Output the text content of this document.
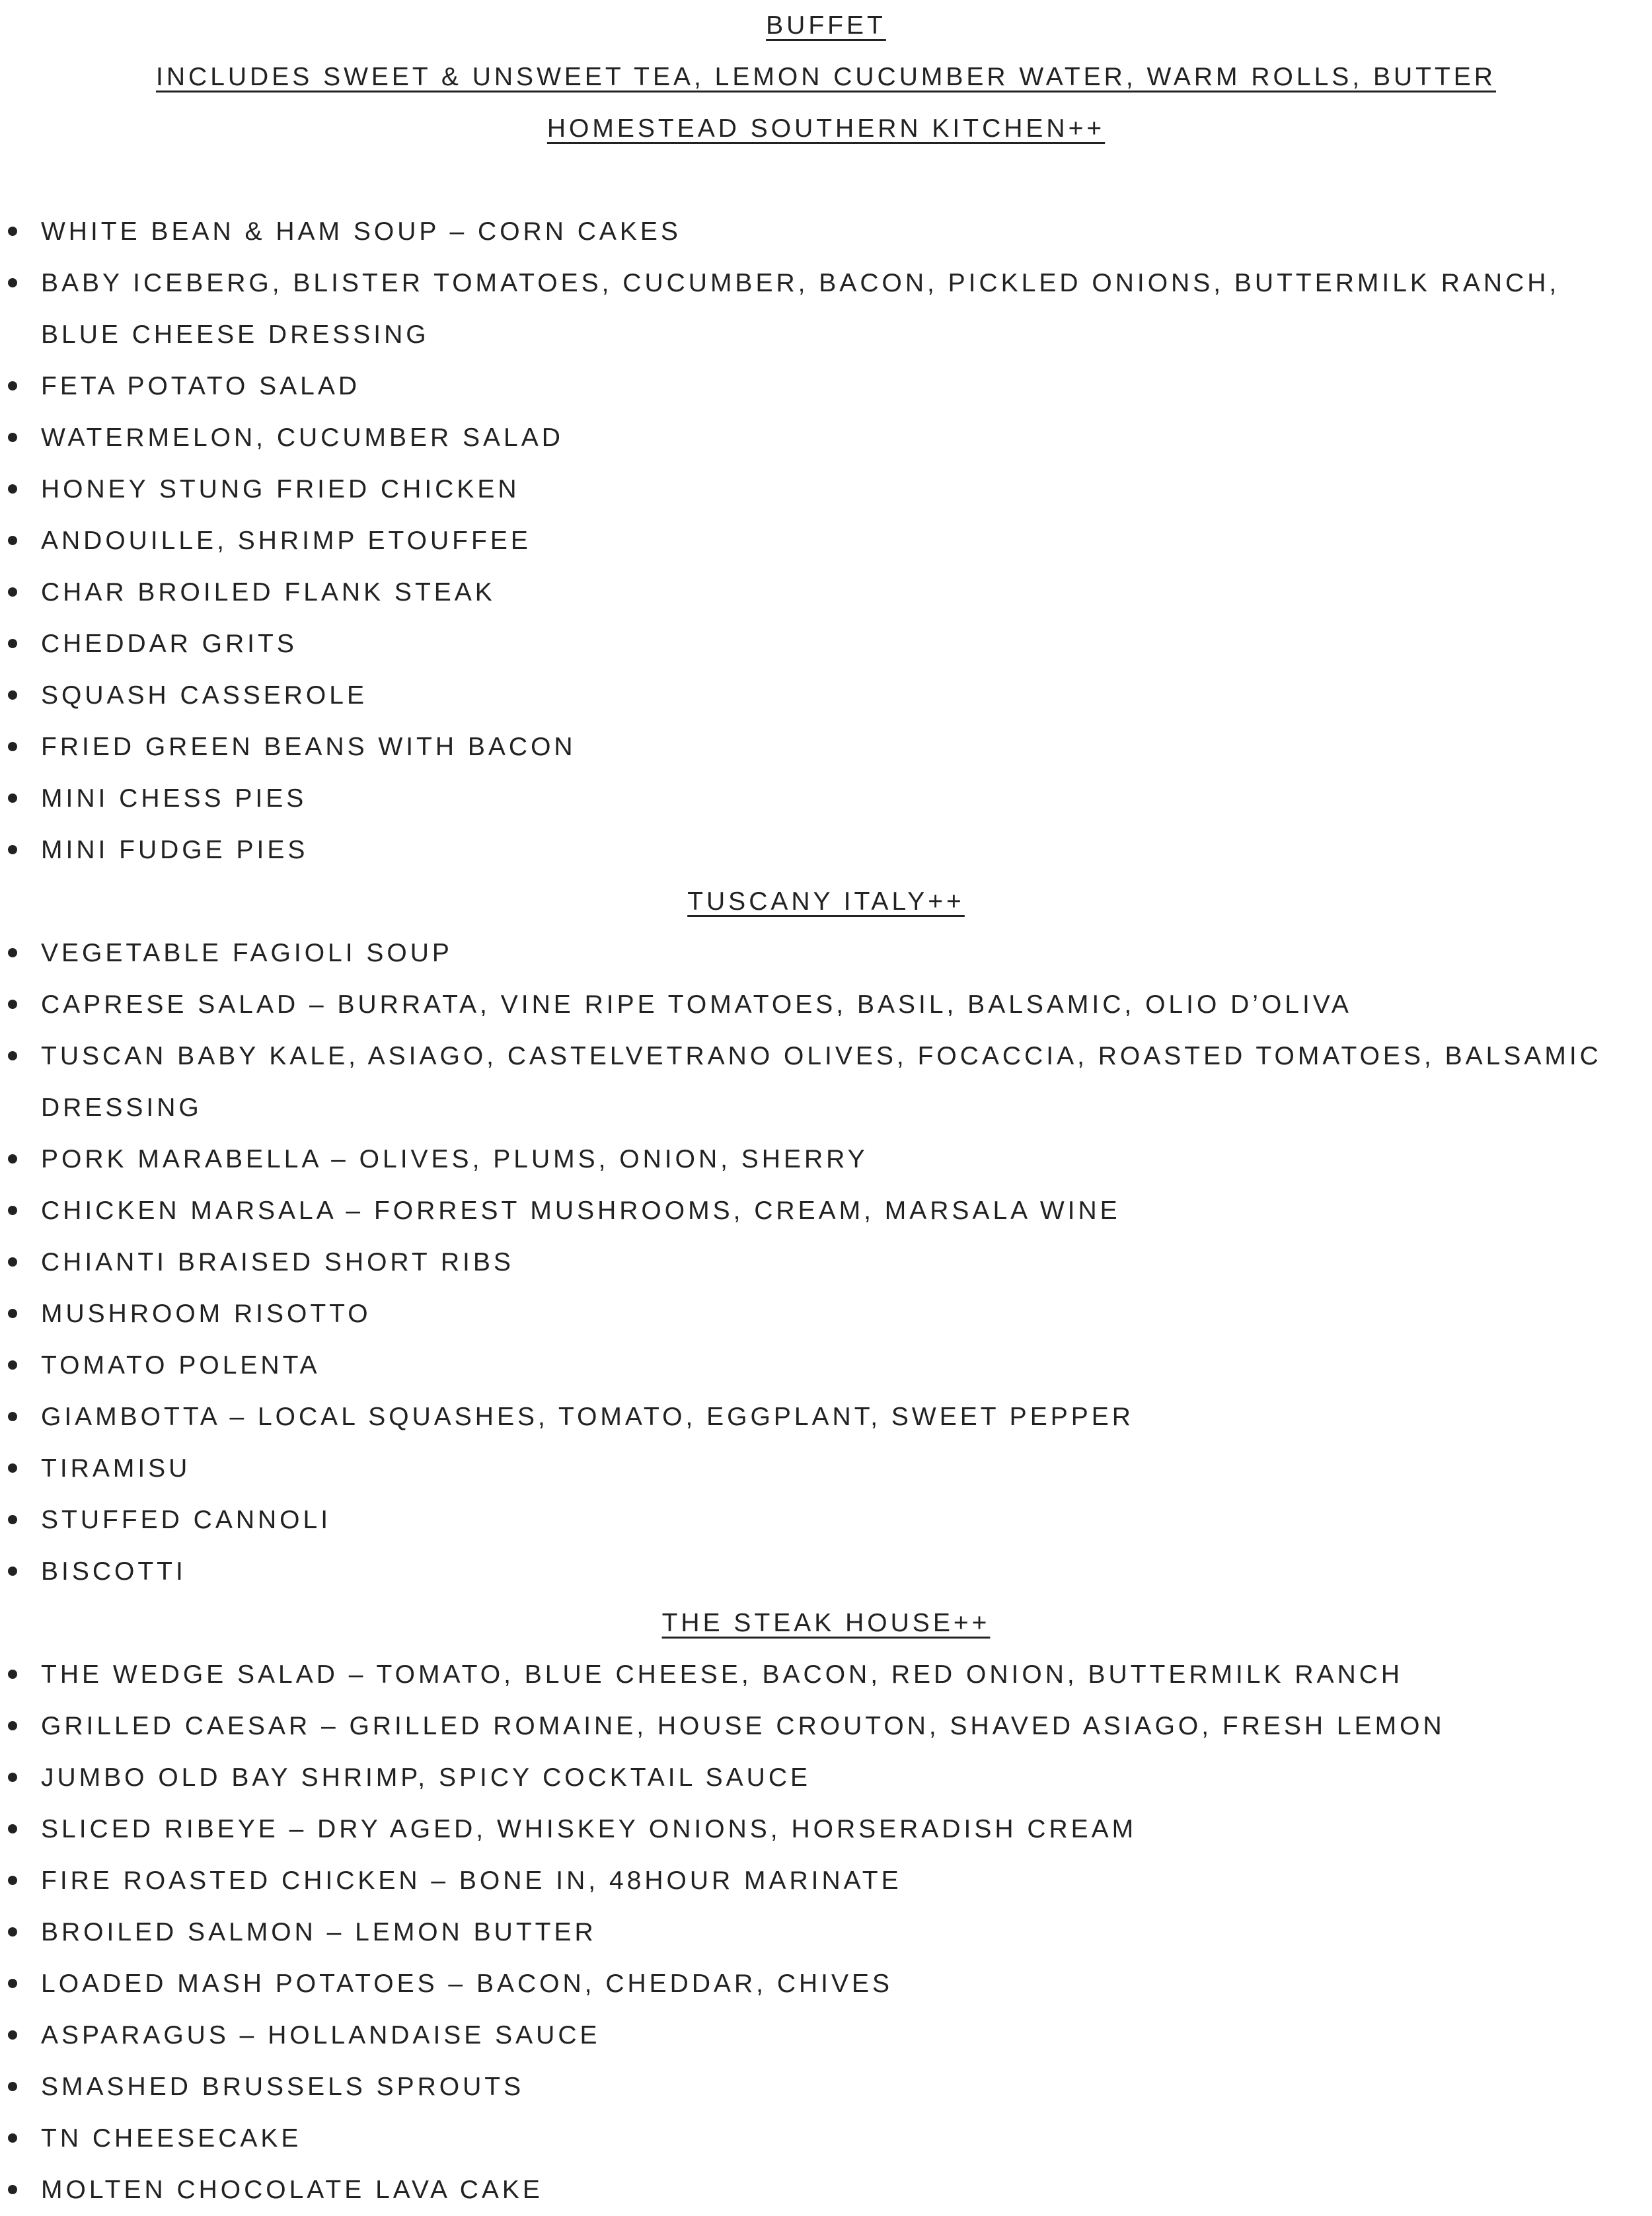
BUFFET
INCLUDES SWEET & UNSWEET TEA, LEMON CUCUMBER WATER, WARM ROLLS, BUTTER
HOMESTEAD SOUTHERN KITCHEN++
WHITE BEAN & HAM SOUP – CORN CAKES
BABY ICEBERG, BLISTER TOMATOES, CUCUMBER, BACON, PICKLED ONIONS, BUTTERMILK RANCH, BLUE CHEESE DRESSING
FETA POTATO SALAD
WATERMELON, CUCUMBER SALAD
HONEY STUNG FRIED CHICKEN
ANDOUILLE, SHRIMP ETOUFFEE
CHAR BROILED FLANK STEAK
CHEDDAR GRITS
SQUASH CASSEROLE
FRIED GREEN BEANS WITH BACON
MINI CHESS PIES
MINI FUDGE PIES
TUSCANY ITALY++
VEGETABLE FAGIOLI SOUP
CAPRESE SALAD – BURRATA, VINE RIPE TOMATOES, BASIL, BALSAMIC, OLIO D’OLIVA
TUSCAN BABY KALE, ASIAGO, CASTELVETRANO OLIVES, FOCACCIA, ROASTED TOMATOES, BALSAMIC DRESSING
PORK MARABELLA – OLIVES, PLUMS, ONION, SHERRY
CHICKEN MARSALA – FORREST MUSHROOMS, CREAM, MARSALA WINE
CHIANTI BRAISED SHORT RIBS
MUSHROOM RISOTTO
TOMATO POLENTA
GIAMBOTTA – LOCAL SQUASHES, TOMATO, EGGPLANT, SWEET PEPPER
TIRAMISU
STUFFED CANNOLI
BISCOTTI
THE STEAK HOUSE++
THE WEDGE SALAD – TOMATO, BLUE CHEESE, BACON, RED ONION, BUTTERMILK RANCH
GRILLED CAESAR – GRILLED ROMAINE, HOUSE CROUTON, SHAVED ASIAGO, FRESH LEMON
JUMBO OLD BAY SHRIMP, SPICY COCKTAIL SAUCE
SLICED RIBEYE – DRY AGED, WHISKEY ONIONS, HORSERADISH CREAM
FIRE ROASTED CHICKEN – BONE IN, 48HOUR MARINATE
BROILED SALMON – LEMON BUTTER
LOADED MASH POTATOES – BACON, CHEDDAR, CHIVES
ASPARAGUS – HOLLANDAISE SAUCE
SMASHED BRUSSELS SPROUTS
TN CHEESECAKE
MOLTEN CHOCOLATE LAVA CAKE
